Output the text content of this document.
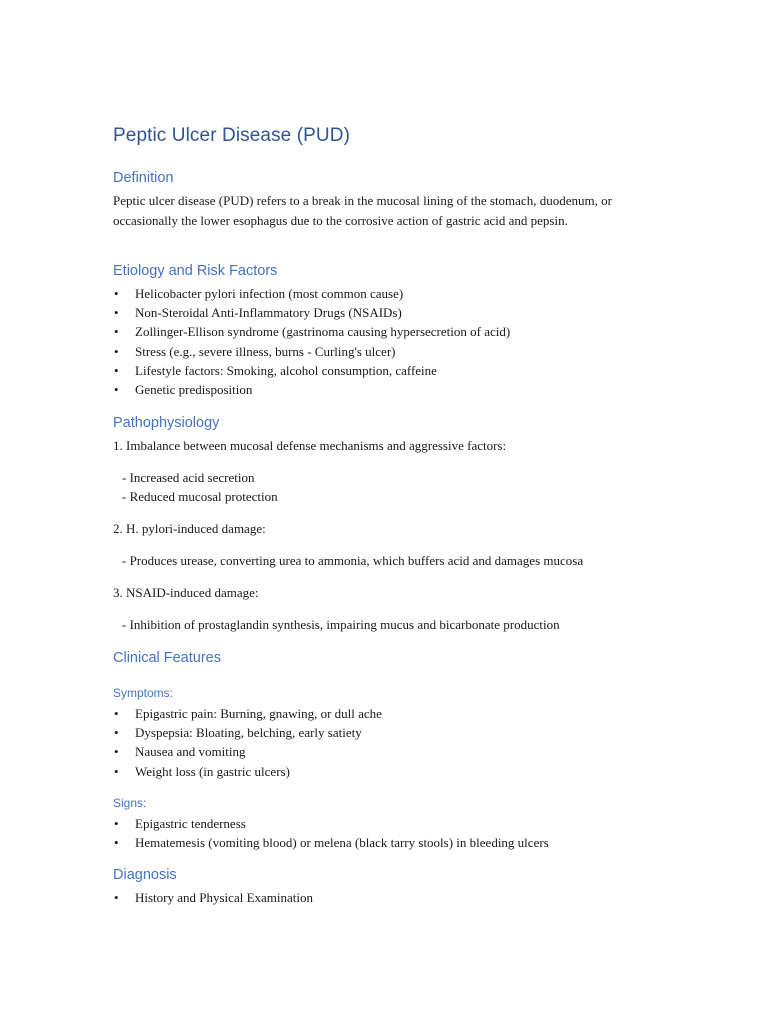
Peptic Ulcer Disease (PUD)
Definition

Peptic ulcer disease (PUD) refers to a break in the mucosal lining of the stomach, duodenum, or occasionally the lower esophagus due to the corrosive action of gastric acid and pepsin.

Etiology and Risk Factors
• Helicobacter pylori infection (most common cause)
• Non-Steroidal Anti-Inflammatory Drugs (NSAIDs)
• Zollinger-Ellison syndrome (gastrinoma causing hypersecretion of acid)
• Stress (e.g., severe illness, burns - Curling's ulcer)
• Lifestyle factors: Smoking, alcohol consumption, caffeine
• Genetic predisposition
Pathophysiology

1. Imbalance between mucosal defense mechanisms and aggressive factors:

- Increased acid secretion

- Reduced mucosal protection

2. H. pylori-induced damage:

- Produces urease, converting urea to ammonia, which buffers acid and damages mucosa

3. NSAID-induced damage:

- Inhibition of prostaglandin synthesis, impairing mucus and bicarbonate production

Clinical Features
Symptoms:
• Epigastric pain: Burning, gnawing, or dull ache
• Dyspepsia: Bloating, belching, early satiety
• Nausea and vomiting
• Weight loss (in gastric ulcers)
Signs:
• Epigastric tenderness
• Hematemesis (vomiting blood) or melena (black tarry stools) in bleeding ulcers
Diagnosis
• History and Physical Examination
